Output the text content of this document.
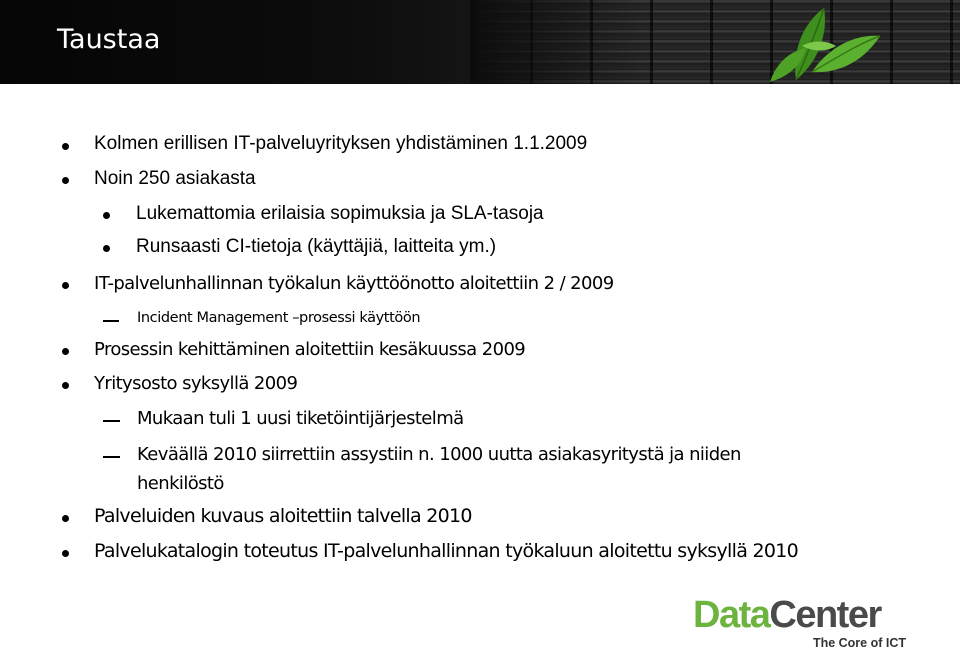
Taustaa
Kolmen erillisen IT-palveluyrityksen yhdistäminen 1.1.2009
Noin 250 asiakasta
Lukemattomia erilaisia sopimuksia ja SLA-tasoja
Runsaasti CI-tietoja (käyttäjiä, laitteita ym.)
IT-palvelunhallinnan työkalun käyttöönotto aloitettiin 2 / 2009
Incident Management –prosessi käyttöön
Prosessin kehittäminen aloitettiin kesäkuussa 2009
Yritysosto syksyllä 2009
Mukaan tuli 1 uusi tiketöintijärjestelmä
Keväällä 2010 siirrettiin assystiin n. 1000 uutta asiakasyritystä ja niiden
henkilöstö
Palveluiden kuvaus aloitettiin talvella 2010
Palvelukatalogin toteutus IT-palvelunhallinnan työkaluun aloitettu syksyllä 2010
DataCenter
The Core of ICT
